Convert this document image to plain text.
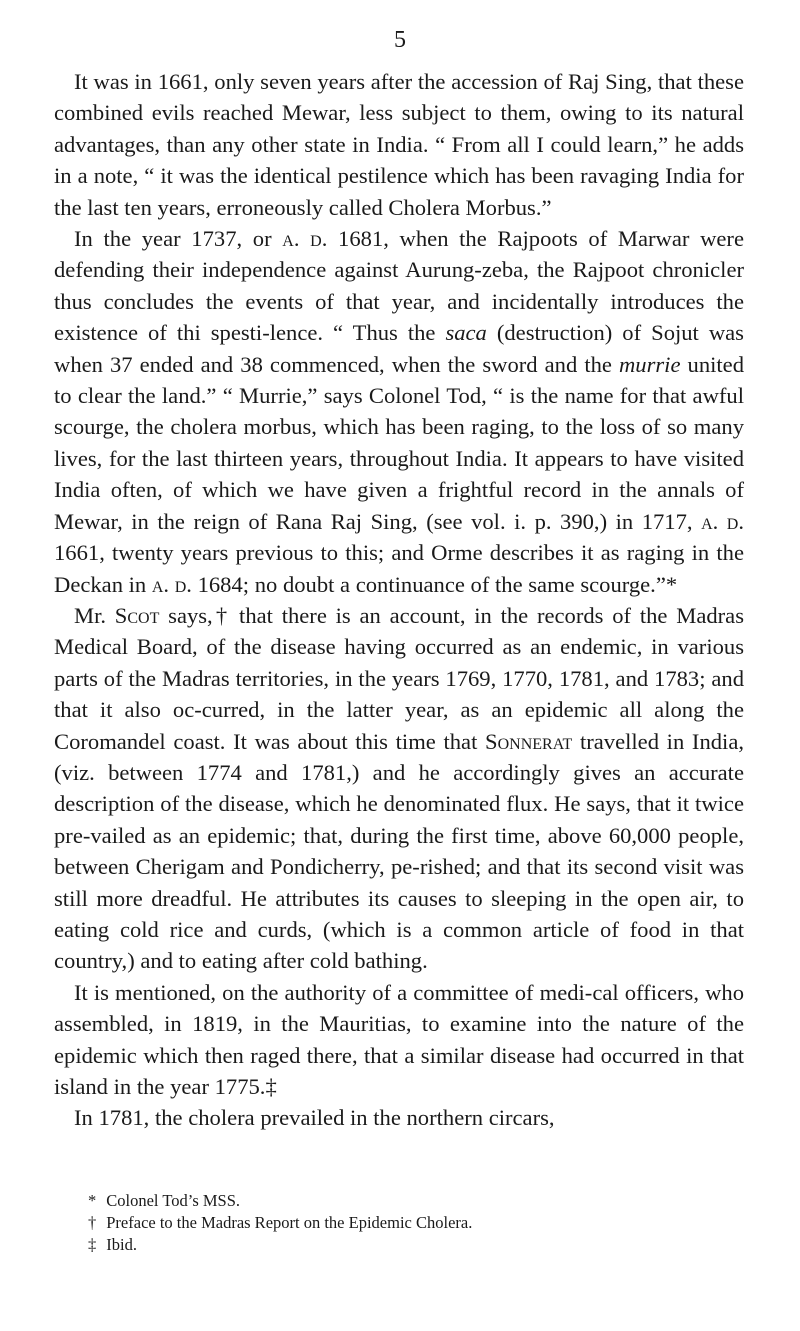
5

It was in 1661, only seven years after the accession of Raj Sing, that these combined evils reached Mewar, less subject to them, owing to its natural advantages, than any other state in India. “ From all I could learn,” he adds in a note, “ it was the identical pestilence which has been ravaging India for the last ten years, erroneously called Cholera Morbus.”

In the year 1737, or a. d. 1681, when the Rajpoots of Marwar were defending their independence against Aurung-zeba, the Rajpoot chronicler thus concludes the events of that year, and incidentally introduces the existence of thi spesti-lence. “ Thus the saca (destruction) of Sojut was when 37 ended and 38 commenced, when the sword and the murrie united to clear the land.” “ Murrie,” says Colonel Tod, “ is the name for that awful scourge, the cholera morbus, which has been raging, to the loss of so many lives, for the last thirteen years, throughout India. It appears to have visited India often, of which we have given a frightful record in the annals of Mewar, in the reign of Rana Raj Sing, (see vol. i. p. 390,) in 1717, a. d. 1661, twenty years previous to this; and Orme describes it as raging in the Deckan in a. d. 1684; no doubt a continuance of the same scourge.”*

Mr. Scot says,† that there is an account, in the records of the Madras Medical Board, of the disease having occurred as an endemic, in various parts of the Madras territories, in the years 1769, 1770, 1781, and 1783; and that it also oc-curred, in the latter year, as an epidemic all along the Coromandel coast. It was about this time that Sonnerat travelled in India, (viz. between 1774 and 1781,) and he accordingly gives an accurate description of the disease, which he denominated flux. He says, that it twice pre-vailed as an epidemic; that, during the first time, above 60,000 people, between Cherigam and Pondicherry, pe-rished; and that its second visit was still more dreadful. He attributes its causes to sleeping in the open air, to eating cold rice and curds, (which is a common article of food in that country,) and to eating after cold bathing.

It is mentioned, on the authority of a committee of medi-cal officers, who assembled, in 1819, in the Mauritias, to examine into the nature of the epidemic which then raged there, that a similar disease had occurred in that island in the year 1775.‡

In 1781, the cholera prevailed in the northern circars,

* Colonel Tod’s MSS.
† Preface to the Madras Report on the Epidemic Cholera.
‡ Ibid.
